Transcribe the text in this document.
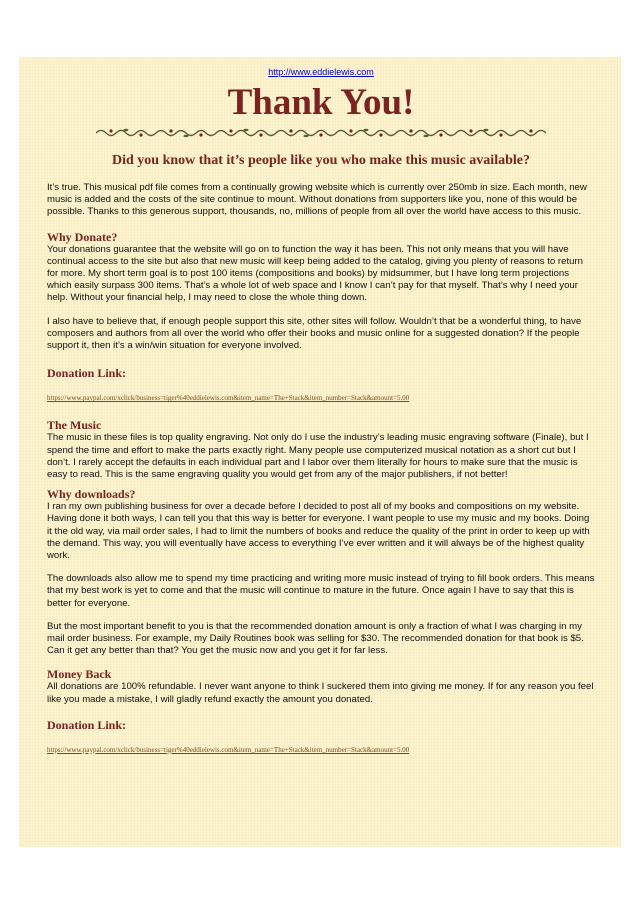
http://www.eddielewis.com
Thank You!
Did you know that it’s people like you who make this music available?

It’s true. This musical pdf file comes from a continually growing website which is currently over 250mb in size. Each month, new music is added and the costs of the site continue to mount. Without donations from supporters like you, none of this would be possible. Thanks to this generous support, thousands, no, millions of people from all over the world have access to this music.

Why Donate?

Your donations guarantee that the website will go on to function the way it has been. This not only means that you will have continual access to the site but also that new music will keep being added to the catalog, giving you plenty of reasons to return for more. My short term goal is to post 100 items (compositions and books) by midsummer, but I have long term projections which easily surpass 300 items. That’s a whole lot of web space and I know I can’t pay for that myself. That’s why I need your help. Without your financial help, I may need to close the whole thing down.

I also have to believe that, if enough people support this site, other sites will follow. Wouldn’t that be a wonderful thing, to have composers and authors from all over the world who offer their books and music online for a suggested donation? If the people support it, then it’s a win/win situation for everyone involved.

Donation Link:

https://www.paypal.com/xclick/business=tiger%40eddielewis.com&item_name=The+Stack&item_number=Stack&amount=5.00

The Music

The music in these files is top quality engraving. Not only do I use the industry’s leading music engraving software (Finale), but I spend the time and effort to make the parts exactly right. Many people use computerized musical notation as a short cut but I don’t. I rarely accept the defaults in each individual part and I labor over them literally for hours to make sure that the music is easy to read. This is the same engraving quality you would get from any of the major publishers, if not better!

Why downloads?

I ran my own publishing business for over a decade before I decided to post all of my books and compositions on my website. Having done it both ways, I can tell you that this way is better for everyone. I want people to use my music and my books. Doing it the old way, via mail order sales, I had to limit the numbers of books and reduce the quality of the print in order to keep up with the demand. This way, you will eventually have access to everything I’ve ever written and it will always be of the highest quality work.

The downloads also allow me to spend my time practicing and writing more music instead of trying to fill book orders. This means that my best work is yet to come and that the music will continue to mature in the future. Once again I have to say that this is better for everyone.

But the most important benefit to you is that the recommended donation amount is only a fraction of what I was charging in my mail order business. For example, my Daily Routines book was selling for $30. The recommended donation for that book is $5. Can it get any better than that? You get the music now and you get it for far less.

Money Back

All donations are 100% refundable. I never want anyone to think I suckered them into giving me money. If for any reason you feel like you made a mistake, I will gladly refund exactly the amount you donated.

Donation Link:

https://www.paypal.com/xclick/business=tiger%40eddielewis.com&item_name=The+Stack&item_number=Stack&amount=5.00
